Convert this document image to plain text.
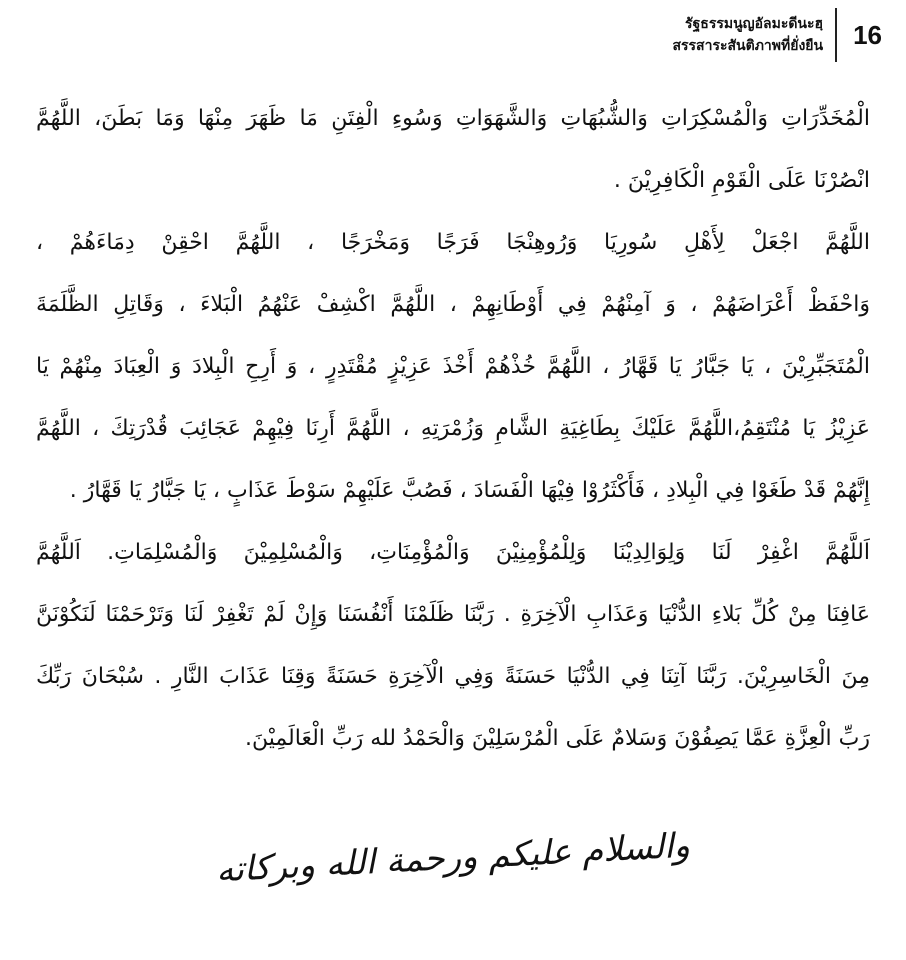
รัฐธรรมนูญอัลมะดีนะฮฺ
สรรสาระสันติภาพที่ยั่งยืน	16
الْمُخَدِّرَاتِ وَالْمُسْكِرَاتِ وَالشُّبُهَاتِ وَالشَّهَوَاتِ وَسُوءِ الْفِتَنِ مَا ظَهَرَ مِنْهَا وَمَا بَطَنَ، اللَّهُمَّ
انْصُرْنَا عَلَى الْقَوْمِ الْكَافِرِيْنَ .
اللَّهُمَّ اجْعَلْ لِأَهْلِ سُورِيَا وَرُوهِنْجَا فَرَجًا وَمَخْرَجًا ، اللَّهُمَّ احْقِنْ دِمَاءَهُمْ ،
وَاحْفَظْ أَعْرَاضَهُمْ ، وَ آمِنْهُمْ فِي أَوْطَانِهِمْ ، اللَّهُمَّ اكْشِفْ عَنْهُمُ الْبَلاءَ ، وَقَاتِلِ الظَّلَمَةَ
الْمُتَجَبِّرِيْنَ ، يَا جَبَّارُ يَا قَهَّارُ ، اللَّهُمَّ خُذْهُمْ أَخْذَ عَزِيْزٍ مُقْتَدِرٍ ، وَ أَرِحِ الْبِلادَ وَ الْعِبَادَ مِنْهُمْ يَا
عَزِيْزُ يَا مُنْتَقِمُ،اللَّهُمَّ عَلَيْكَ بِطَاغِيَةِ الشَّامِ وَزُمْرَتِهِ ، اللَّهُمَّ أَرِنَا فِيْهِمْ عَجَائِبَ قُدْرَتِكَ ، اللَّهُمَّ
إِنَّهُمْ قَدْ طَغَوْا فِي الْبِلادِ ، فَأَكْثَرُوْا فِيْهَا الْفَسَادَ ، فَصُبَّ عَلَيْهِمْ سَوْطَ عَذَابٍ ، يَا جَبَّارُ يَا قَهَّارُ .
اَللَّهُمَّ اغْفِرْ لَنَا وَلِوَالِدِيْنَا وَلِلْمُؤْمِنِيْنَ وَالْمُؤْمِنَاتِ، وَالْمُسْلِمِيْنَ وَالْمُسْلِمَاتِ. اَللَّهُمَّ
عَافِنَا مِنْ كُلِّ بَلاءِ الدُّنْيَا وَعَذَابِ الْآخِرَةِ . رَبَّنَا ظَلَمْنَا أَنْفُسَنَا وَإِنْ لَمْ تَغْفِرْ لَنَا وَتَرْحَمْنَا لَنَكُوْنَنَّ
مِنَ الْخَاسِرِيْنَ. رَبَّنَا آتِنَا فِي الدُّنْيَا حَسَنَةً وَفِي الْآخِرَةِ حَسَنَةً وَقِنَا عَذَابَ النَّارِ . سُبْحَانَ رَبِّكَ
رَبِّ الْعِزَّةِ عَمَّا يَصِفُوْنَ وَسَلامٌ عَلَى الْمُرْسَلِيْنَ وَالْحَمْدُ لله رَبِّ الْعَالَمِيْنَ.
والسلام عليكم ورحمة الله وبركاته
